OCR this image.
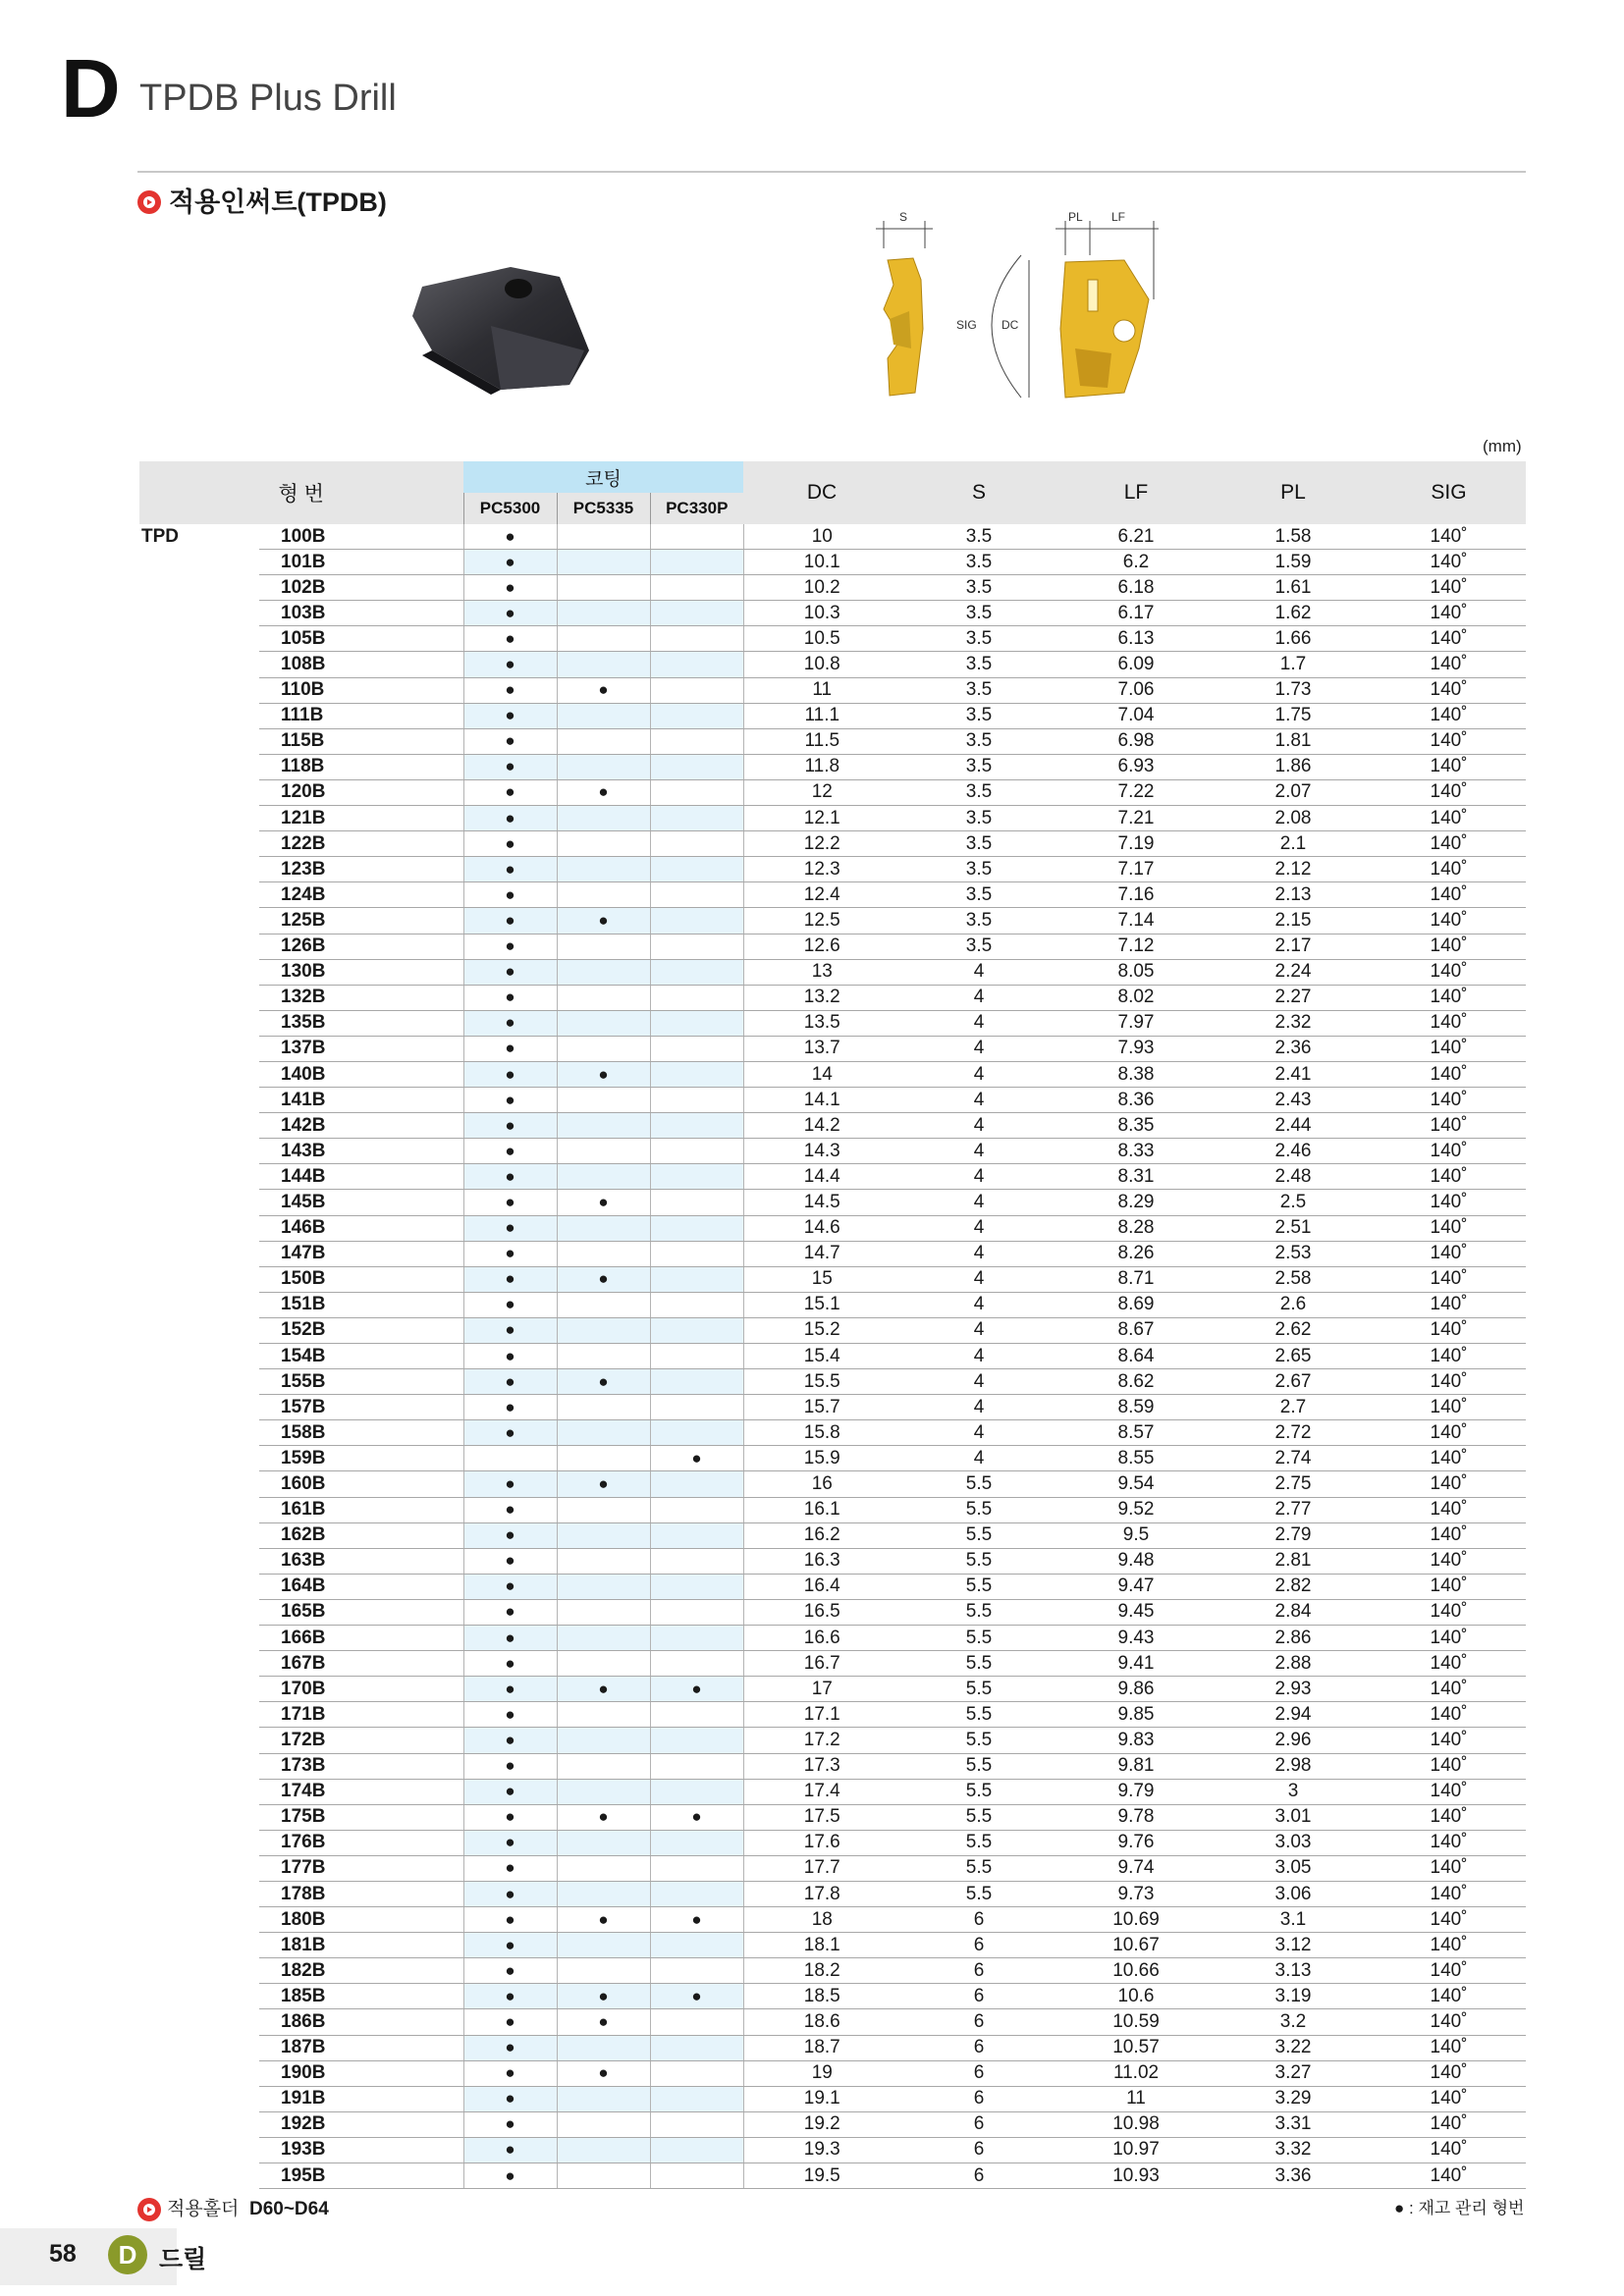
D TPDB Plus Drill
적용인써트(TPDB)	S	PL LF
SIG DC
(mm)
형 번		코팅			DC	S	LF	PL	SIG
		PC5300	PC5335	PC330P					
TPD	100B	●			10	3.5	6.21	1.58	140˚
	101B	●			10.1	3.5	6.2	1.59	140˚
	102B	●			10.2	3.5	6.18	1.61	140˚
	103B	●			10.3	3.5	6.17	1.62	140˚
	105B	●			10.5	3.5	6.13	1.66	140˚
	108B	●			10.8	3.5	6.09	1.7	140˚
	110B	●	●		11	3.5	7.06	1.73	140˚
	111B	●			11.1	3.5	7.04	1.75	140˚
	115B	●			11.5	3.5	6.98	1.81	140˚
	118B	●			11.8	3.5	6.93	1.86	140˚
	120B	●	●		12	3.5	7.22	2.07	140˚
	121B	●			12.1	3.5	7.21	2.08	140˚
	122B	●			12.2	3.5	7.19	2.1	140˚
	123B	●			12.3	3.5	7.17	2.12	140˚
	124B	●			12.4	3.5	7.16	2.13	140˚
	125B	●	●		12.5	3.5	7.14	2.15	140˚
	126B	●			12.6	3.5	7.12	2.17	140˚
	130B	●			13	4	8.05	2.24	140˚
	132B	●			13.2	4	8.02	2.27	140˚
	135B	●			13.5	4	7.97	2.32	140˚
	137B	●			13.7	4	7.93	2.36	140˚
	140B	●	●		14	4	8.38	2.41	140˚
	141B	●			14.1	4	8.36	2.43	140˚
	142B	●			14.2	4	8.35	2.44	140˚
	143B	●			14.3	4	8.33	2.46	140˚
	144B	●			14.4	4	8.31	2.48	140˚
	145B	●	●		14.5	4	8.29	2.5	140˚
	146B	●			14.6	4	8.28	2.51	140˚
	147B	●			14.7	4	8.26	2.53	140˚
	150B	●	●		15	4	8.71	2.58	140˚
	151B	●			15.1	4	8.69	2.6	140˚
	152B	●			15.2	4	8.67	2.62	140˚
	154B	●			15.4	4	8.64	2.65	140˚
	155B	●	●		15.5	4	8.62	2.67	140˚
	157B	●			15.7	4	8.59	2.7	140˚
	158B	●			15.8	4	8.57	2.72	140˚
	159B			●	15.9	4	8.55	2.74	140˚
	160B	●	●		16	5.5	9.54	2.75	140˚
	161B	●			16.1	5.5	9.52	2.77	140˚
	162B	●			16.2	5.5	9.5	2.79	140˚
	163B	●			16.3	5.5	9.48	2.81	140˚
	164B	●			16.4	5.5	9.47	2.82	140˚
	165B	●			16.5	5.5	9.45	2.84	140˚
	166B	●			16.6	5.5	9.43	2.86	140˚
	167B	●			16.7	5.5	9.41	2.88	140˚
	170B	●	●	●	17	5.5	9.86	2.93	140˚
	171B	●			17.1	5.5	9.85	2.94	140˚
	172B	●			17.2	5.5	9.83	2.96	140˚
	173B	●			17.3	5.5	9.81	2.98	140˚
	174B	●			17.4	5.5	9.79	3	140˚
	175B	●	●	●	17.5	5.5	9.78	3.01	140˚
	176B	●			17.6	5.5	9.76	3.03	140˚
	177B	●			17.7	5.5	9.74	3.05	140˚
	178B	●			17.8	5.5	9.73	3.06	140˚
	180B	●	●	●	18	6	10.69	3.1	140˚
	181B	●			18.1	6	10.67	3.12	140˚
	182B	●			18.2	6	10.66	3.13	140˚
	185B	●	●	●	18.5	6	10.6	3.19	140˚
	186B	●	●		18.6	6	10.59	3.2	140˚
	187B	●			18.7	6	10.57	3.22	140˚
	190B	●	●		19	6	11.02	3.27	140˚
	191B	●			19.1	6	11	3.29	140˚
	192B	●			19.2	6	10.98	3.31	140˚
	193B	●			19.3	6	10.97	3.32	140˚
	195B	●			19.5	6	10.93	3.36	140˚
적용홀더 D60~D64	● : 재고 관리 형번
58	D 드릴
